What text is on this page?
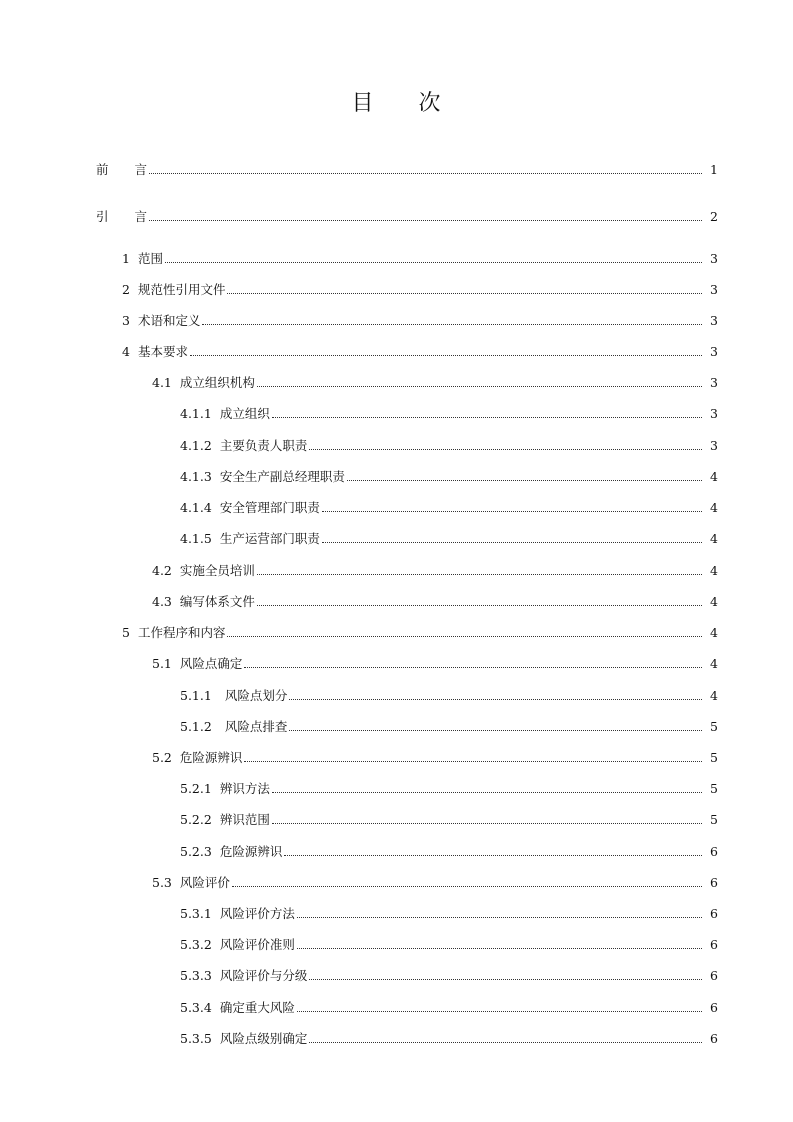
目 次
前 言	1
引 言	2
1 范围	3
2 规范性引用文件	3
3 术语和定义	3
4 基本要求	3
4.1 成立组织机构	3
4.1.1 成立组织	3
4.1.2 主要负责人职责	3
4.1.3 安全生产副总经理职责	4
4.1.4 安全管理部门职责	4
4.1.5 生产运营部门职责	4
4.2 实施全员培训	4
4.3 编写体系文件	4
5 工作程序和内容	4
5.1 风险点确定	4
5.1.1 风险点划分	4
5.1.2 风险点排查	5
5.2 危险源辨识	5
5.2.1 辨识方法	5
5.2.2 辨识范围	5
5.2.3 危险源辨识	6
5.3 风险评价	6
5.3.1 风险评价方法	6
5.3.2 风险评价准则	6
5.3.3 风险评价与分级	6
5.3.4 确定重大风险	6
5.3.5 风险点级别确定	6
